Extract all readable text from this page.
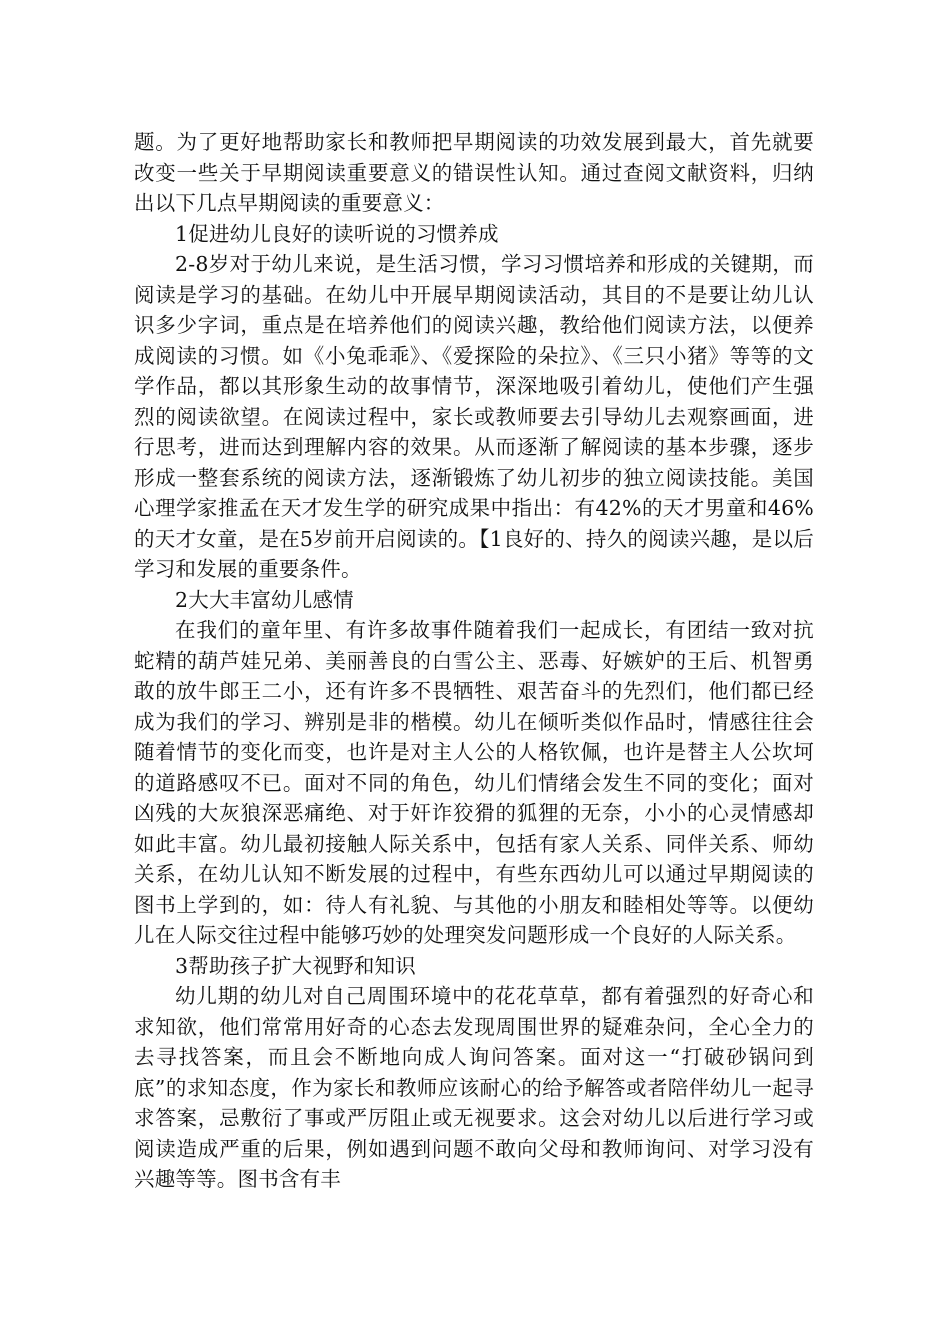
题。为了更好地帮助家长和教师把早期阅读的功效发展到最大，首先就要改变一些关于早期阅读重要意义的错误性认知。通过查阅文献资料，归纳出以下几点早期阅读的重要意义：

1促进幼儿良好的读听说的习惯养成

2-8岁对于幼儿来说，是生活习惯，学习习惯培养和形成的关键期，而阅读是学习的基础。在幼儿中开展早期阅读活动，其目的不是要让幼儿认识多少字词，重点是在培养他们的阅读兴趣，教给他们阅读方法，以便养成阅读的习惯。如《小兔乖乖》、《爱探险的朵拉》、《三只小猪》等等的文学作品，都以其形象生动的故事情节，深深地吸引着幼儿，使他们产生强烈的阅读欲望。在阅读过程中，家长或教师要去引导幼儿去观察画面，进行思考，进而达到理解内容的效果。从而逐渐了解阅读的基本步骤，逐步形成一整套系统的阅读方法，逐渐锻炼了幼儿初步的独立阅读技能。美国心理学家推孟在天才发生学的研究成果中指出：有42%的天才男童和46%的天才女童，是在5岁前开启阅读的。【1良好的、持久的阅读兴趣，是以后学习和发展的重要条件。

2大大丰富幼儿感情

在我们的童年里、有许多故事件随着我们一起成长，有团结一致对抗蛇精的葫芦娃兄弟、美丽善良的白雪公主、恶毒、好嫉妒的王后、机智勇敢的放牛郎王二小，还有许多不畏牺牲、艰苦奋斗的先烈们，他们都已经成为我们的学习、辨别是非的楷模。幼儿在倾听类似作品时，情感往往会随着情节的变化而变，也许是对主人公的人格钦佩，也许是替主人公坎坷的道路感叹不已。面对不同的角色，幼儿们情绪会发生不同的变化；面对凶残的大灰狼深恶痛绝、对于奸诈狡猾的狐狸的无奈，小小的心灵情感却如此丰富。幼儿最初接触人际关系中，包括有家人关系、同伴关系、师幼关系，在幼儿认知不断发展的过程中，有些东西幼儿可以通过早期阅读的图书上学到的，如：待人有礼貌、与其他的小朋友和睦相处等等。以便幼儿在人际交往过程中能够巧妙的处理突发问题形成一个良好的人际关系。

3帮助孩子扩大视野和知识

幼儿期的幼儿对自己周围环境中的花花草草，都有着强烈的好奇心和求知欲，他们常常用好奇的心态去发现周围世界的疑难杂问，全心全力的去寻找答案，而且会不断地向成人询问答案。面对这一“打破砂锅问到底”的求知态度，作为家长和教师应该耐心的给予解答或者陪伴幼儿一起寻求答案，忌敷衍了事或严厉阻止或无视要求。这会对幼儿以后进行学习或阅读造成严重的后果，例如遇到问题不敢向父母和教师询问、对学习没有兴趣等等。图书含有丰
